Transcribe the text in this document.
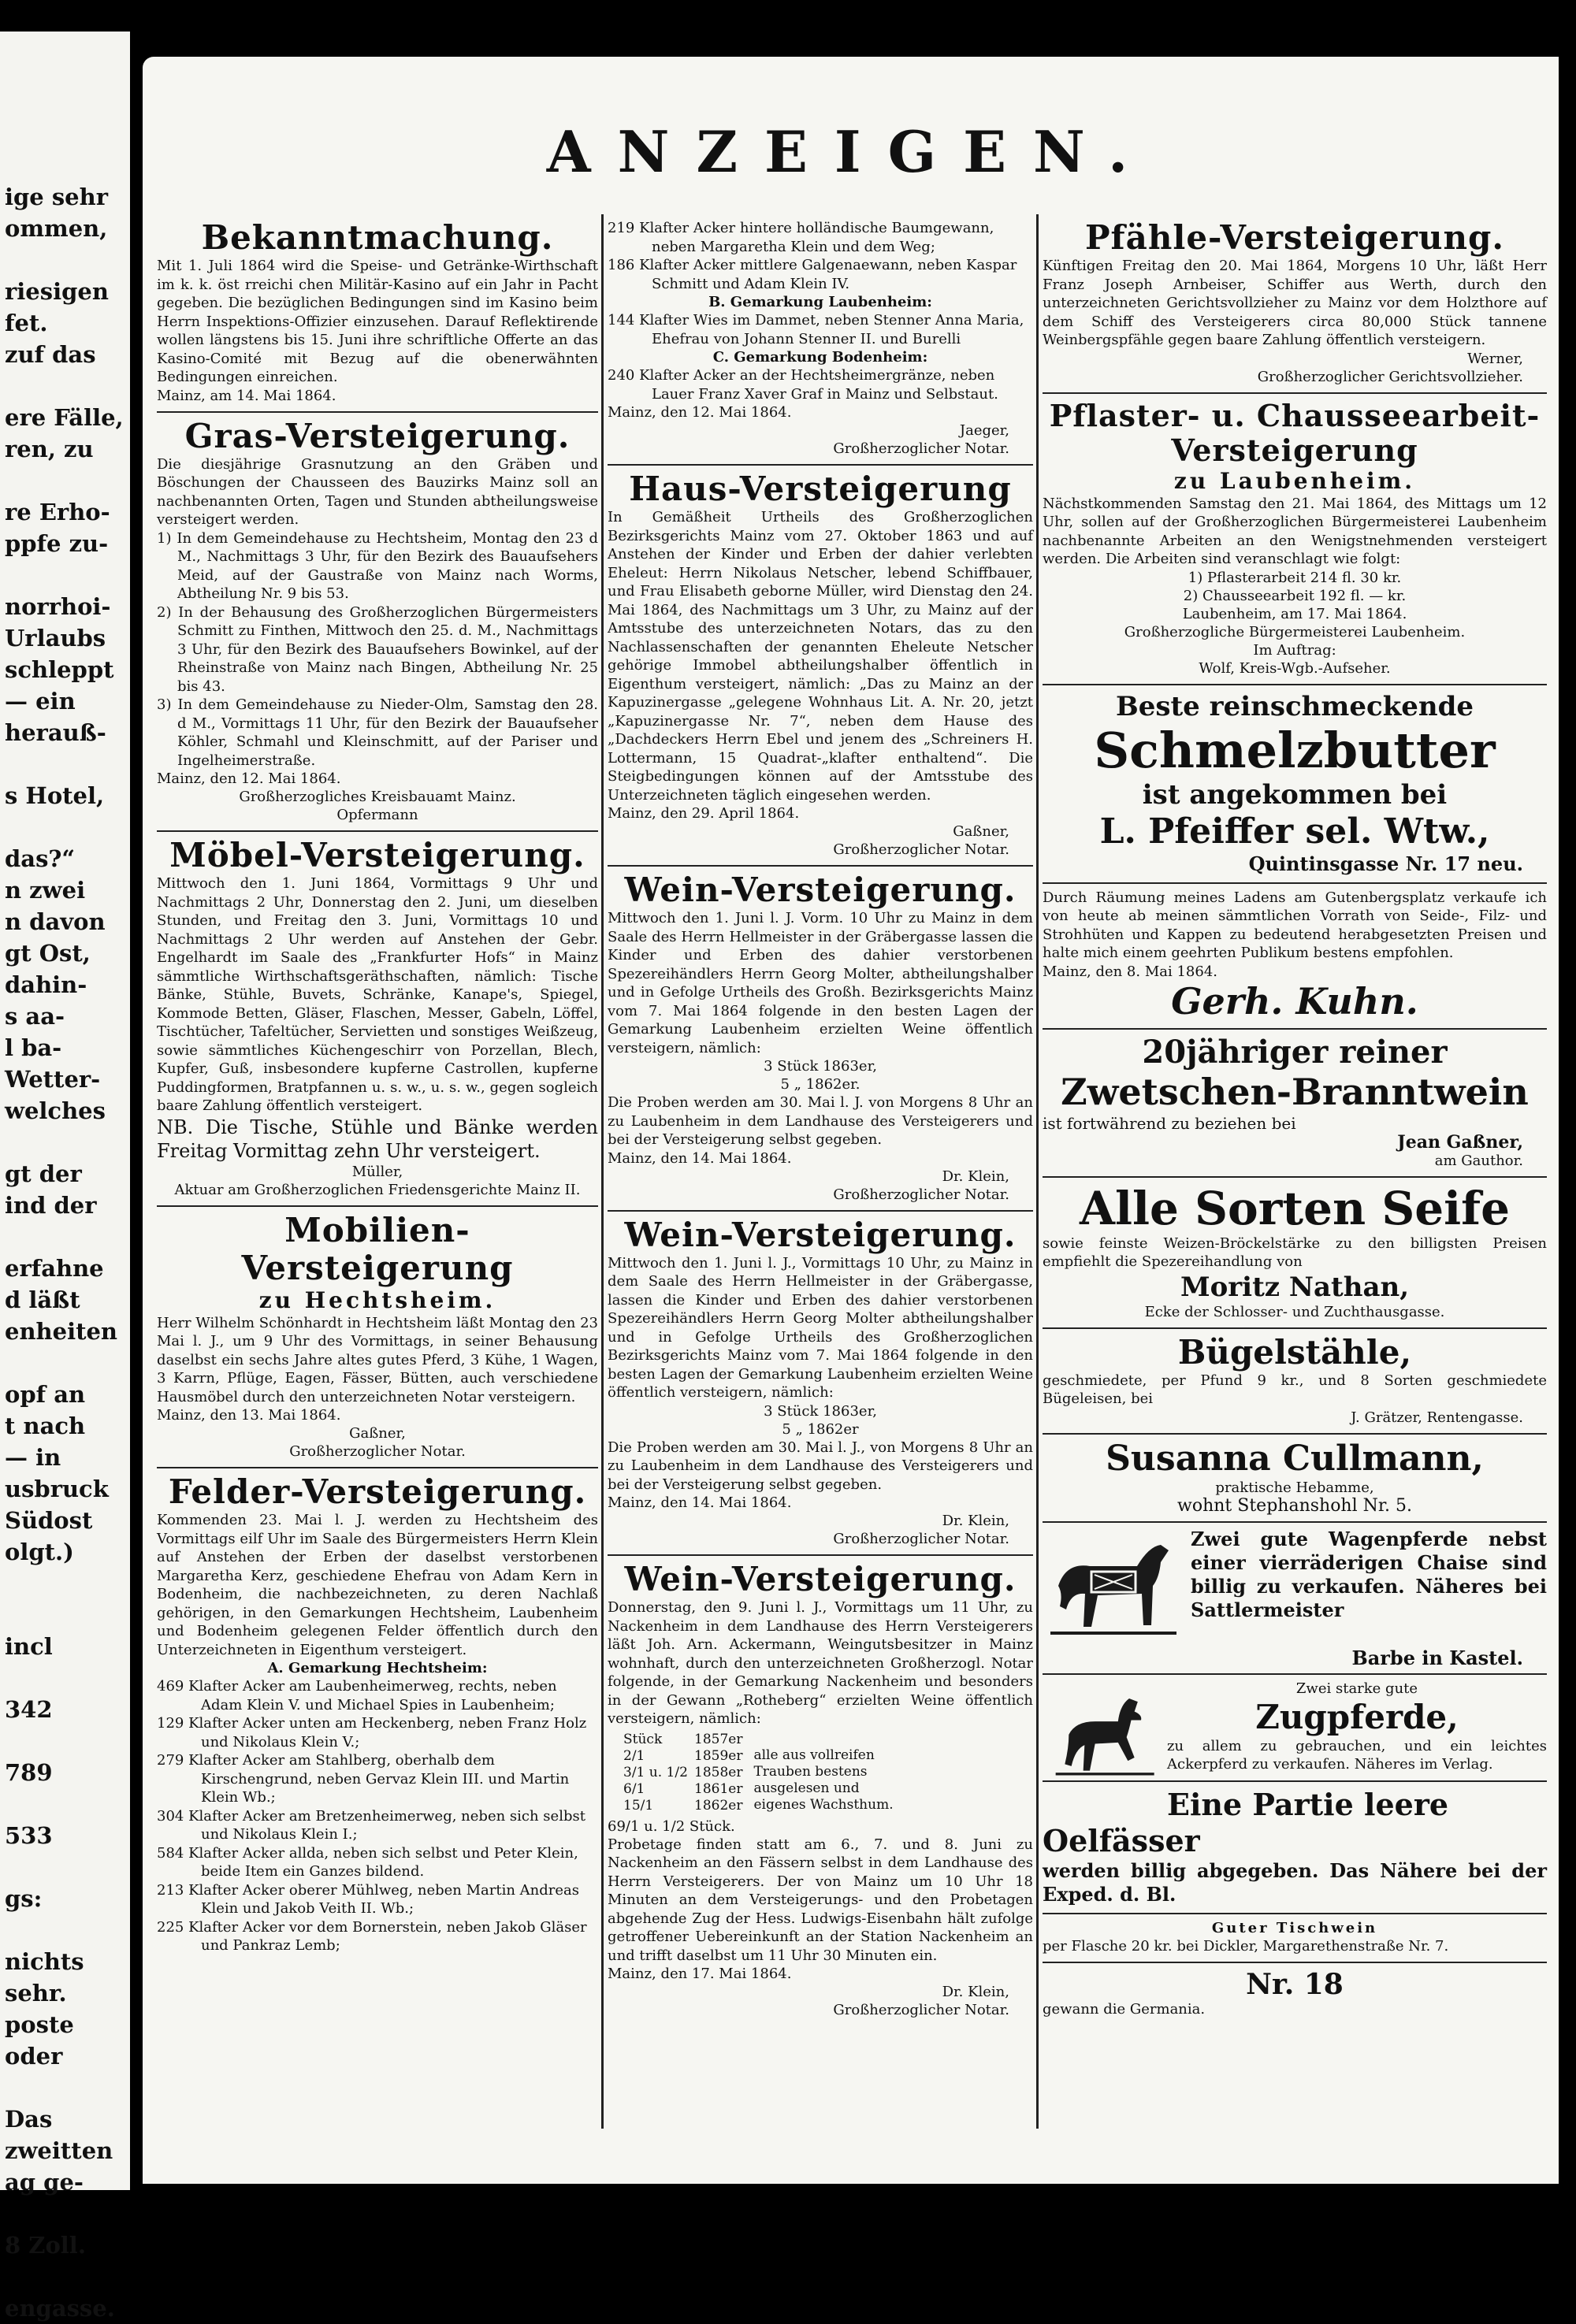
ige sehr
ommen,

riesigen
fet.
zuf das

ere Fälle,
ren, zu

re Erho-
ppfe zu-

norrhoi-
Urlaubs
schleppt
— ein
herauß-

s Hotel,

das?“
n zwei
n davon
gt Ost,
dahin-
s aa-
l ba-
Wetter-
welches

gt der
ind der

erfahne
d läßt
enheiten

opf an
t nach
— in
usbruck
Südost
olgt.)

incl

342

789

533

gs:

nichts
sehr.
poste
oder

Das
zweitten
ag ge-

8 Zoll.

engasse.
ANZEIGEN.
Bekanntmachung.

Mit 1. Juli 1864 wird die Speise- und Getränke-Wirthschaft im k. k. öst rreichi chen Militär-Kasino auf ein Jahr in Pacht gegeben. Die bezüglichen Bedingungen sind im Kasino beim Herrn Inspektions-Offizier einzusehen. Darauf Reflektirende wollen längstens bis 15. Juni ihre schriftliche Offerte an das Kasino-Comité mit Bezug auf die obenerwähnten Bedingungen einreichen.

Mainz, am 14. Mai 1864.
Gras-Versteigerung.

Die diesjährige Grasnutzung an den Gräben und Böschungen der Chausseen des Bauzirks Mainz soll an nachbenannten Orten, Tagen und Stunden abtheilungsweise versteigert werden.

1) In dem Gemeindehause zu Hechtsheim, Montag den 23 d M., Nachmittags 3 Uhr, für den Bezirk des Bauaufsehers Meid, auf der Gaustraße von Mainz nach Worms, Abtheilung Nr. 9 bis 53.
2) In der Behausung des Großherzoglichen Bürgermeisters Schmitt zu Finthen, Mittwoch den 25. d. M., Nachmittags 3 Uhr, für den Bezirk des Bauaufsehers Bowinkel, auf der Rheinstraße von Mainz nach Bingen, Abtheilung Nr. 25 bis 43.
3) In dem Gemeindehause zu Nieder-Olm, Samstag den 28. d M., Vormittags 11 Uhr, für den Bezirk der Bauaufseher Köhler, Schmahl und Kleinschmitt, auf der Pariser und Ingelheimerstraße.
Mainz, den 12. Mai 1864.
Großherzogliches Kreisbauamt Mainz.
Opfermann
Möbel-Versteigerung.

Mittwoch den 1. Juni 1864, Vormittags 9 Uhr und Nachmittags 2 Uhr, Donnerstag den 2. Juni, um dieselben Stunden, und Freitag den 3. Juni, Vormittags 10 und Nachmittags 2 Uhr werden auf Anstehen der Gebr. Engelhardt im Saale des „Frankfurter Hofs“ in Mainz sämmtliche Wirthschaftsgeräthschaften, nämlich: Tische Bänke, Stühle, Buvets, Schränke, Kanape's, Spiegel, Kommode Betten, Gläser, Flaschen, Messer, Gabeln, Löffel, Tischtücher, Tafeltücher, Servietten und sonstiges Weißzeug, sowie sämmtliches Küchengeschirr von Porzellan, Blech, Kupfer, Guß, insbesondere kupferne Castrollen, kupferne Puddingformen, Bratpfannen u. s. w., u. s. w., gegen sogleich baare Zahlung öffentlich versteigert.

NB. Die Tische, Stühle und Bänke werden Freitag Vormittag zehn Uhr versteigert.

Müller,
Aktuar am Großherzoglichen Friedensgerichte Mainz II.
Mobilien-Versteigerung
zu Hechtsheim.

Herr Wilhelm Schönhardt in Hechtsheim läßt Montag den 23 Mai l. J., um 9 Uhr des Vormittags, in seiner Behausung daselbst ein sechs Jahre altes gutes Pferd, 3 Kühe, 1 Wagen, 3 Karrn, Pflüge, Eagen, Fässer, Bütten, auch verschiedene Hausmöbel durch den unterzeichneten Notar versteigern.

Mainz, den 13. Mai 1864.
Gaßner,
Großherzoglicher Notar.
Felder-Versteigerung.

Kommenden 23. Mai l. J. werden zu Hechtsheim des Vormittags eilf Uhr im Saale des Bürgermeisters Herrn Klein auf Anstehen der Erben der daselbst verstorbenen Margaretha Kerz, geschiedene Ehefrau von Adam Kern in Bodenheim, die nachbezeichneten, zu deren Nachlaß gehörigen, in den Gemarkungen Hechtsheim, Laubenheim und Bodenheim gelegenen Felder öffentlich durch den Unterzeichneten in Eigenthum versteigert.

A. Gemarkung Hechtsheim:
469 Klafter Acker am Laubenheimerweg, rechts, neben Adam Klein V. und Michael Spies in Laubenheim;
129 Klafter Acker unten am Heckenberg, neben Franz Holz und Nikolaus Klein V.;
279 Klafter Acker am Stahlberg, oberhalb dem Kirschengrund, neben Gervaz Klein III. und Martin Klein Wb.;
304 Klafter Acker am Bretzenheimerweg, neben sich selbst und Nikolaus Klein I.;
584 Klafter Acker allda, neben sich selbst und Peter Klein, beide Item ein Ganzes bildend.
213 Klafter Acker oberer Mühlweg, neben Martin Andreas Klein und Jakob Veith II. Wb.;
225 Klafter Acker vor dem Bornerstein, neben Jakob Gläser und Pankraz Lemb;
219 Klafter Acker hintere holländische Baumgewann, neben Margaretha Klein und dem Weg;
186 Klafter Acker mittlere Galgenaewann, neben Kaspar Schmitt und Adam Klein IV.
B. Gemarkung Laubenheim:
144 Klafter Wies im Dammet, neben Stenner Anna Maria, Ehefrau von Johann Stenner II. und Burelli
C. Gemarkung Bodenheim:
240 Klafter Acker an der Hechtsheimergränze, neben Lauer Franz Xaver Graf in Mainz und Selbstaut.
Mainz, den 12. Mai 1864.
Jaeger,
Großherzoglicher Notar.
Haus-Versteigerung

In Gemäßheit Urtheils des Großherzoglichen Bezirksgerichts Mainz vom 27. Oktober 1863 und auf Anstehen der Kinder und Erben der dahier verlebten Eheleut: Herrn Nikolaus Netscher, lebend Schiffbauer, und Frau Elisabeth geborne Müller, wird Dienstag den 24. Mai 1864, des Nachmittags um 3 Uhr, zu Mainz auf der Amtsstube des unterzeichneten Notars, das zu den Nachlassenschaften der genannten Eheleute Netscher gehörige Immobel abtheilungshalber öffentlich in Eigenthum versteigert, nämlich: „Das zu Mainz an der Kapuzinergasse „gelegene Wohnhaus Lit. A. Nr. 20, jetzt „Kapuzinergasse Nr. 7“, neben dem Hause des „Dachdeckers Herrn Ebel und jenem des „Schreiners H. Lottermann, 15 Quadrat-„klafter enthaltend“. Die Steigbedingungen können auf der Amtsstube des Unterzeichneten täglich eingesehen werden.

Mainz, den 29. April 1864.
Gaßner,
Großherzoglicher Notar.
Wein-Versteigerung.

Mittwoch den 1. Juni l. J. Vorm. 10 Uhr zu Mainz in dem Saale des Herrn Hellmeister in der Gräbergasse lassen die Kinder und Erben des dahier verstorbenen Spezereihändlers Herrn Georg Molter, abtheilungshalber und in Gefolge Urtheils des Großh. Bezirksgerichts Mainz vom 7. Mai 1864 folgende in den besten Lagen der Gemarkung Laubenheim erzielten Weine öffentlich versteigern, nämlich:

3 Stück 1863er,
5 „ 1862er.

Die Proben werden am 30. Mai l. J. von Morgens 8 Uhr an zu Laubenheim in dem Landhause des Versteigerers und bei der Versteigerung selbst gegeben.

Mainz, den 14. Mai 1864.
Dr. Klein,
Großherzoglicher Notar.
Wein-Versteigerung.

Mittwoch den 1. Juni l. J., Vormittags 10 Uhr, zu Mainz in dem Saale des Herrn Hellmeister in der Gräbergasse, lassen die Kinder und Erben des dahier verstorbenen Spezereihändlers Herrn Georg Molter abtheilungshalber und in Gefolge Urtheils des Großherzoglichen Bezirksgerichts Mainz vom 7. Mai 1864 folgende in den besten Lagen der Gemarkung Laubenheim erzielten Weine öffentlich versteigern, nämlich:

3 Stück 1863er,
5 „ 1862er

Die Proben werden am 30. Mai l. J., von Morgens 8 Uhr an zu Laubenheim in dem Landhause des Versteigerers und bei der Versteigerung selbst gegeben.

Mainz, den 14. Mai 1864.
Dr. Klein,
Großherzoglicher Notar.
Wein-Versteigerung.

Donnerstag, den 9. Juni l. J., Vormittags um 11 Uhr, zu Nackenheim in dem Landhause des Herrn Versteigerers läßt Joh. Arn. Ackermann, Weingutsbesitzer in Mainz wohnhaft, durch den unterzeichneten Großherzogl. Notar folgende, in der Gemarkung Nackenheim und besonders in der Gewann „Rotheberg“ erzielten Weine öffentlich versteigern, nämlich:

Stück	1857er
2/1	1859er
3/1 u. 1/2 1858er
6/1	1861er
15/1	1862er
alle aus vollreifen Trauben bestens ausgelesen und eigenes Wachsthum.
69/1 u. 1/2 Stück.

Probetage finden statt am 6., 7. und 8. Juni zu Nackenheim an den Fässern selbst in dem Landhause des Herrn Versteigerers. Der von Mainz um 10 Uhr 18 Minuten an dem Versteigerungs- und den Probetagen abgehende Zug der Hess. Ludwigs-Eisenbahn hält zufolge getroffener Uebereinkunft an der Station Nackenheim an und trifft daselbst um 11 Uhr 30 Minuten ein.

Mainz, den 17. Mai 1864.
Dr. Klein,
Großherzoglicher Notar.
Pfähle-Versteigerung.

Künftigen Freitag den 20. Mai 1864, Morgens 10 Uhr, läßt Herr Franz Joseph Arnbeiser, Schiffer aus Werth, durch den unterzeichneten Gerichtsvollzieher zu Mainz vor dem Holzthore auf dem Schiff des Versteigerers circa 80,000 Stück tannene Weinbergspfähle gegen baare Zahlung öffentlich versteigern.

Werner,
Großherzoglicher Gerichtsvollzieher.
Pflaster- u. Chausseearbeit-Versteigerung
zu Laubenheim.

Nächstkommenden Samstag den 21. Mai 1864, des Mittags um 12 Uhr, sollen auf der Großherzoglichen Bürgermeisterei Laubenheim nachbenannte Arbeiten an den Wenigstnehmenden versteigert werden. Die Arbeiten sind veranschlagt wie folgt:

1) Pflasterarbeit 214 fl. 30 kr.
2) Chausseearbeit 192 fl. — kr.
Laubenheim, am 17. Mai 1864.
Großherzogliche Bürgermeisterei Laubenheim.
Im Auftrag:
Wolf, Kreis-Wgb.-Aufseher.
Beste reinschmeckende
Schmelzbutter
ist angekommen bei
L. Pfeiffer sel. Wtw.,
Quintinsgasse Nr. 17 neu.

Durch Räumung meines Ladens am Gutenbergsplatz verkaufe ich von heute ab meinen sämmtlichen Vorrath von Seide-, Filz- und Strohhüten und Kappen zu bedeutend herabgesetzten Preisen und halte mich einem geehrten Publikum bestens empfohlen.

Mainz, den 8. Mai 1864.
Gerh. Kuhn.
20jähriger reiner
Zwetschen-Branntwein
ist fortwährend zu beziehen bei
Jean Gaßner,
am Gauthor.
Alle Sorten Seife

sowie feinste Weizen-Bröckelstärke zu den billigsten Preisen empfiehlt die Spezereihandlung von

Moritz Nathan,
Ecke der Schlosser- und Zuchthausgasse.
Bügelstähle,

geschmiedete, per Pfund 9 kr., und 8 Sorten geschmiedete Bügeleisen, bei

J. Grätzer, Rentengasse.
Susanna Cullmann,
praktische Hebamme,
wohnt Stephanshohl Nr. 5.

Zwei gute Wagenpferde nebst einer vierräderigen Chaise sind billig zu verkaufen. Näheres bei Sattlermeister

Barbe in Kastel.
Zwei starke gute
Zugpferde,

zu allem zu gebrauchen, und ein leichtes Ackerpferd zu verkaufen. Näheres im Verlag.

Eine Partie leere Oelfässer

werden billig abgegeben. Das Nähere bei der Exped. d. Bl.

Guter Tischwein

per Flasche 20 kr. bei Dickler, Margarethenstraße Nr. 7.

Nr. 18
gewann die Germania.
